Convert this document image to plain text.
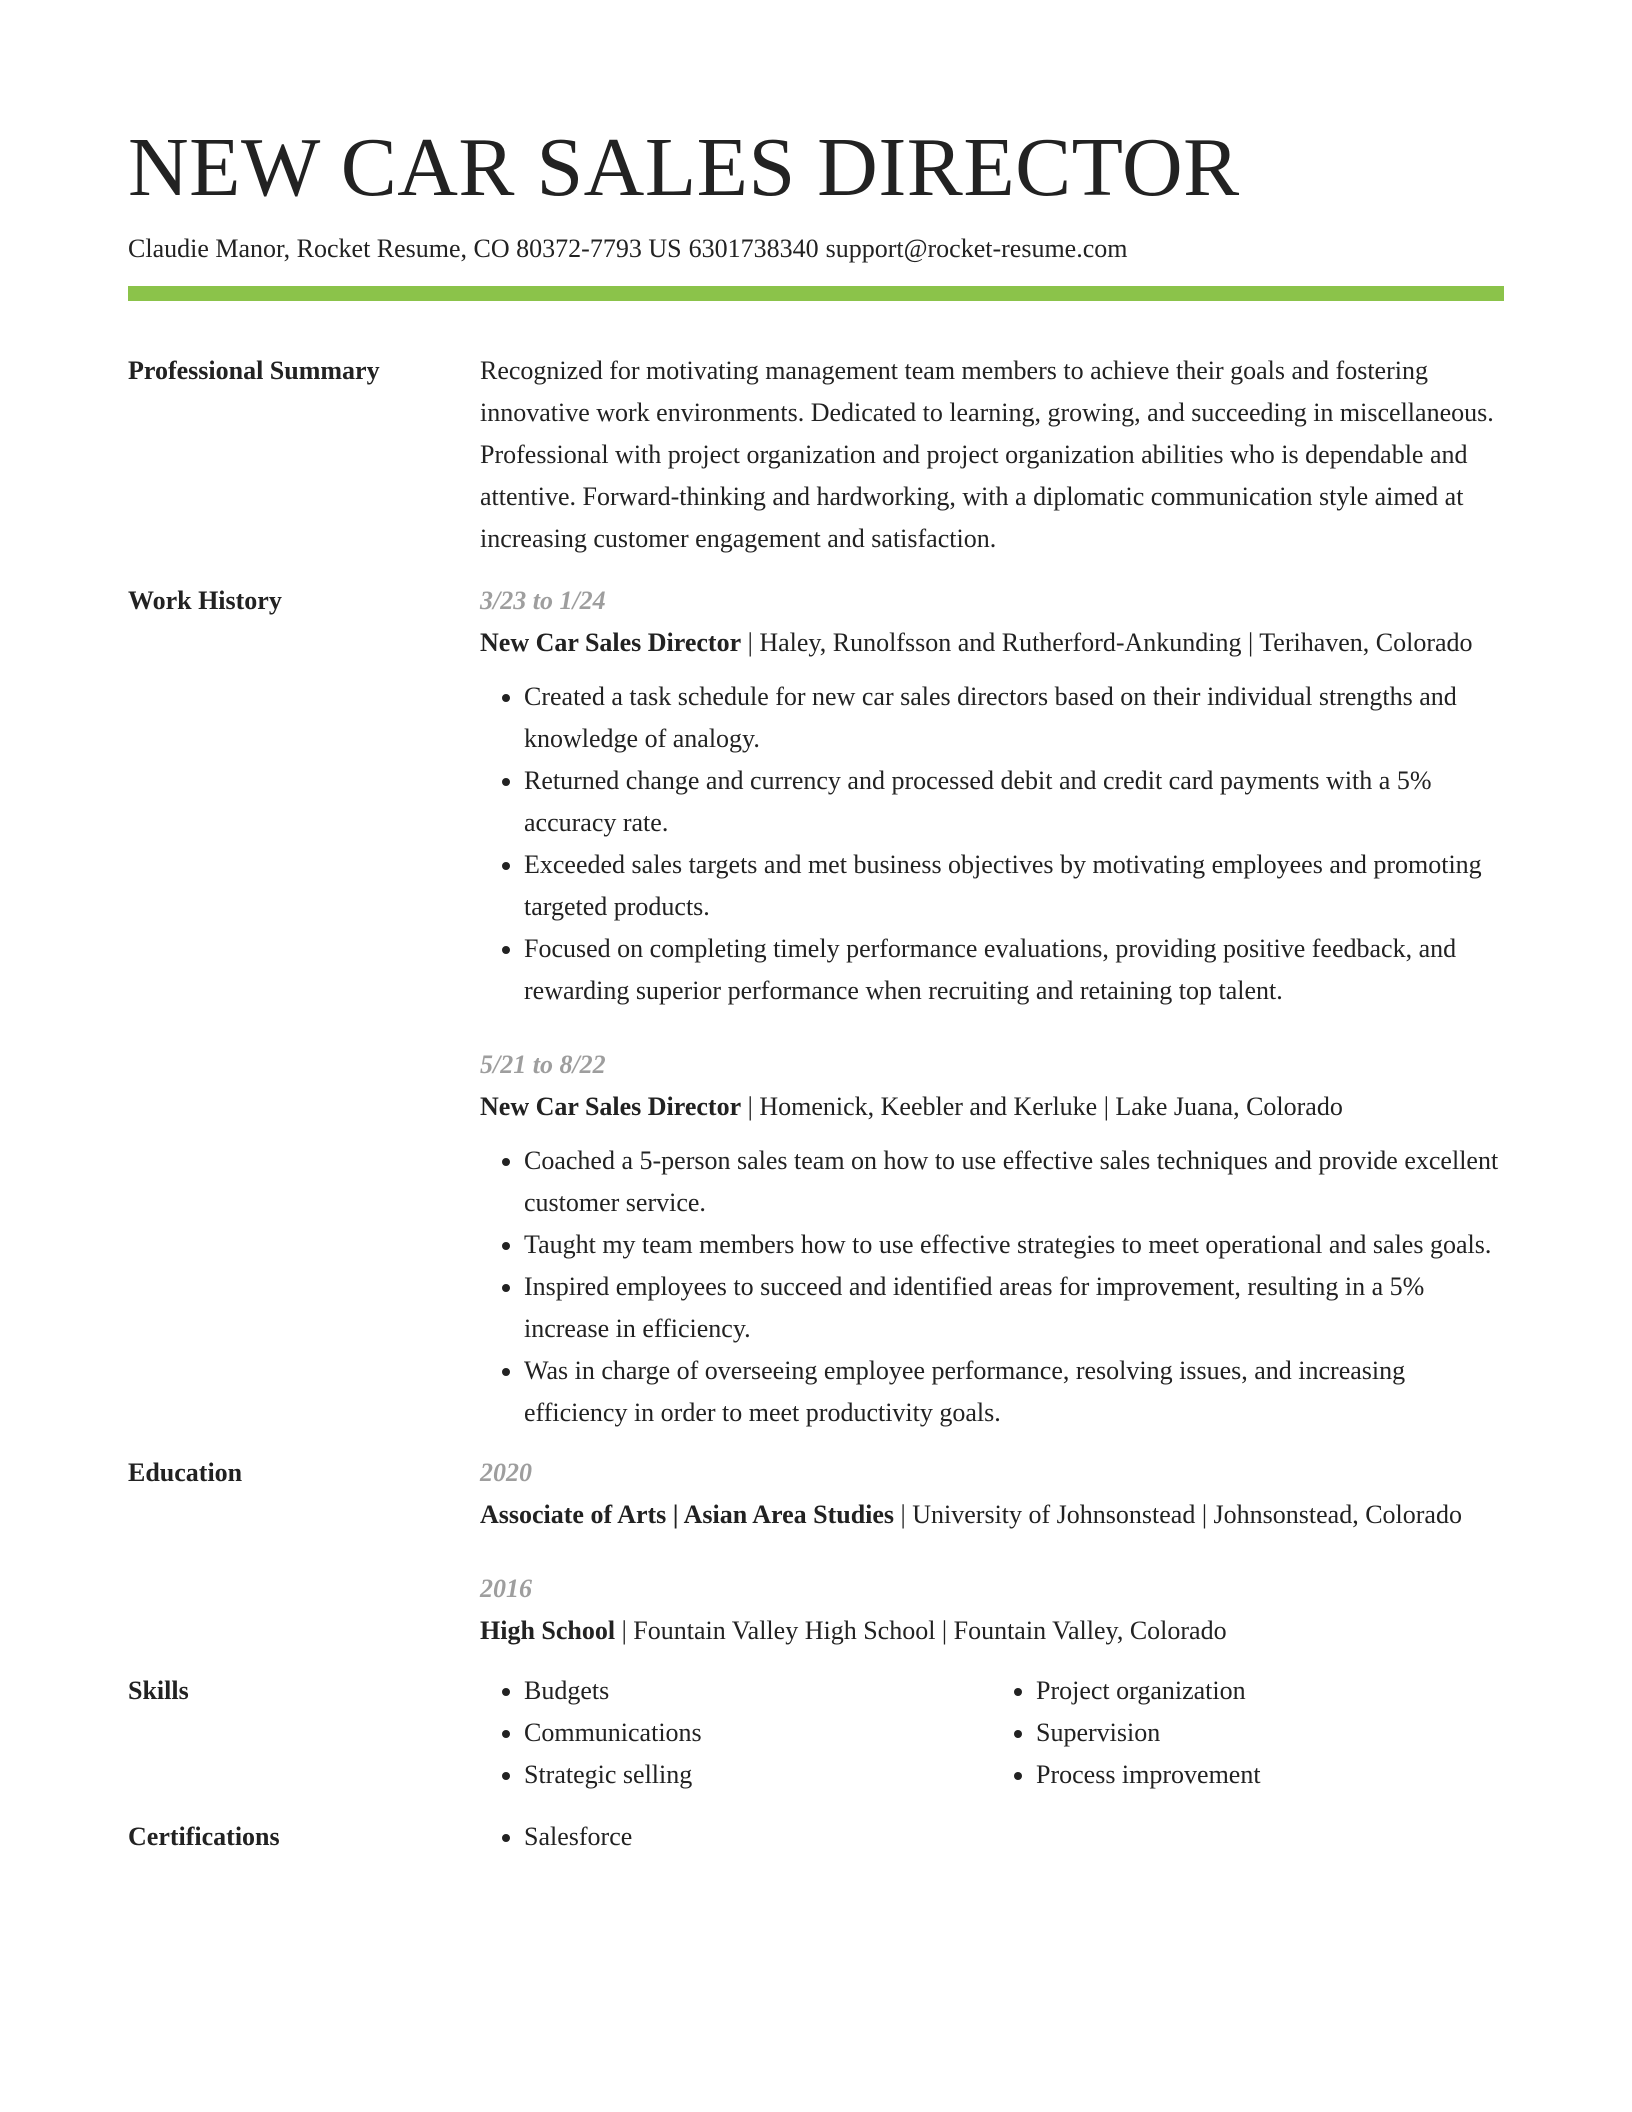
NEW CAR SALES DIRECTOR
Claudie Manor, Rocket Resume, CO 80372-7793 US 6301738340 support@rocket-resume.com
Professional Summary	Recognized for motivating management team members to achieve their goals and fostering innovative work environments. Dedicated to learning, growing, and succeeding in miscellaneous. Professional with project organization and project organization abilities who is dependable and attentive. Forward-thinking and hardworking, with a diplomatic communication style aimed at increasing customer engagement and satisfaction.

Work History	3/23 to 1/24
New Car Sales Director | Haley, Runolfsson and Rutherford-Ankunding | Terihaven, Colorado
• Created a task schedule for new car sales directors based on their individual strengths and knowledge of analogy.
• Returned change and currency and processed debit and credit card payments with a 5% accuracy rate.
• Exceeded sales targets and met business objectives by motivating employees and promoting targeted products.
• Focused on completing timely performance evaluations, providing positive feedback, and rewarding superior performance when recruiting and retaining top talent.
5/21 to 8/22
New Car Sales Director | Homenick, Keebler and Kerluke | Lake Juana, Colorado
• Coached a 5-person sales team on how to use effective sales techniques and provide excellent customer service.
• Taught my team members how to use effective strategies to meet operational and sales goals.
• Inspired employees to succeed and identified areas for improvement, resulting in a 5% increase in efficiency.
• Was in charge of overseeing employee performance, resolving issues, and increasing efficiency in order to meet productivity goals.
Education	2020
Associate of Arts | Asian Area Studies | University of Johnsonstead | Johnsonstead, Colorado
2016
High School | Fountain Valley High School | Fountain Valley, Colorado
Skills	• Budgets
• Communications
• Strategic selling
• Project organization
• Supervision
• Process improvement
Certifications	• Salesforce
